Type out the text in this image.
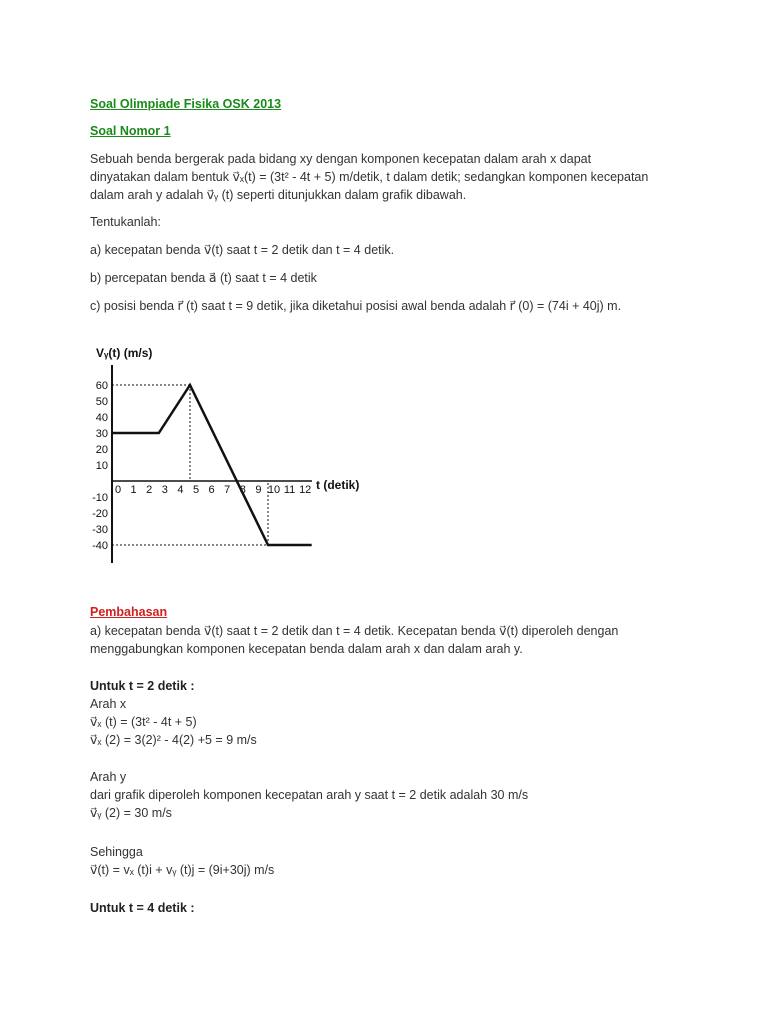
Soal Olimpiade Fisika OSK 2013
Soal Nomor 1
Sebuah benda bergerak pada bidang xy dengan komponen kecepatan dalam arah x dapat
dinyatakan dalam bentuk v⃗ₓ(t) = (3t² - 4t + 5) m/detik, t dalam detik; sedangkan komponen kecepatan
dalam arah y adalah v⃗ᵧ (t) seperti ditunjukkan dalam grafik dibawah.
Tentukanlah:
a) kecepatan benda v⃗(t) saat t = 2 detik dan t = 4 detik.
b) percepatan benda a⃗ (t) saat t = 4 detik
c) posisi benda r⃗ (t) saat t = 9 detik, jika diketahui posisi awal benda adalah r⃗ (0) = (74i + 40j) m.
Vᵧ(t) (m/s)
t (detik)
60
50
40
30
20
10
-10
-20
-30
-40
0 1 2 3 4 5 6 7 8 9 10 11 12
Pembahasan
a) kecepatan benda v⃗(t) saat t = 2 detik dan t = 4 detik. Kecepatan benda v⃗(t) diperoleh dengan
menggabungkan komponen kecepatan benda dalam arah x dan dalam arah y.
Untuk t = 2 detik :
Arah x
v⃗ₓ (t) = (3t² - 4t + 5)
v⃗ₓ (2) = 3(2)² - 4(2) +5 = 9 m/s
Arah y
dari grafik diperoleh komponen kecepatan arah y saat t = 2 detik adalah 30 m/s
v⃗ᵧ (2) = 30 m/s
Sehingga
v⃗(t) = vₓ (t)i + vᵧ (t)j = (9i+30j) m/s
Untuk t = 4 detik :
